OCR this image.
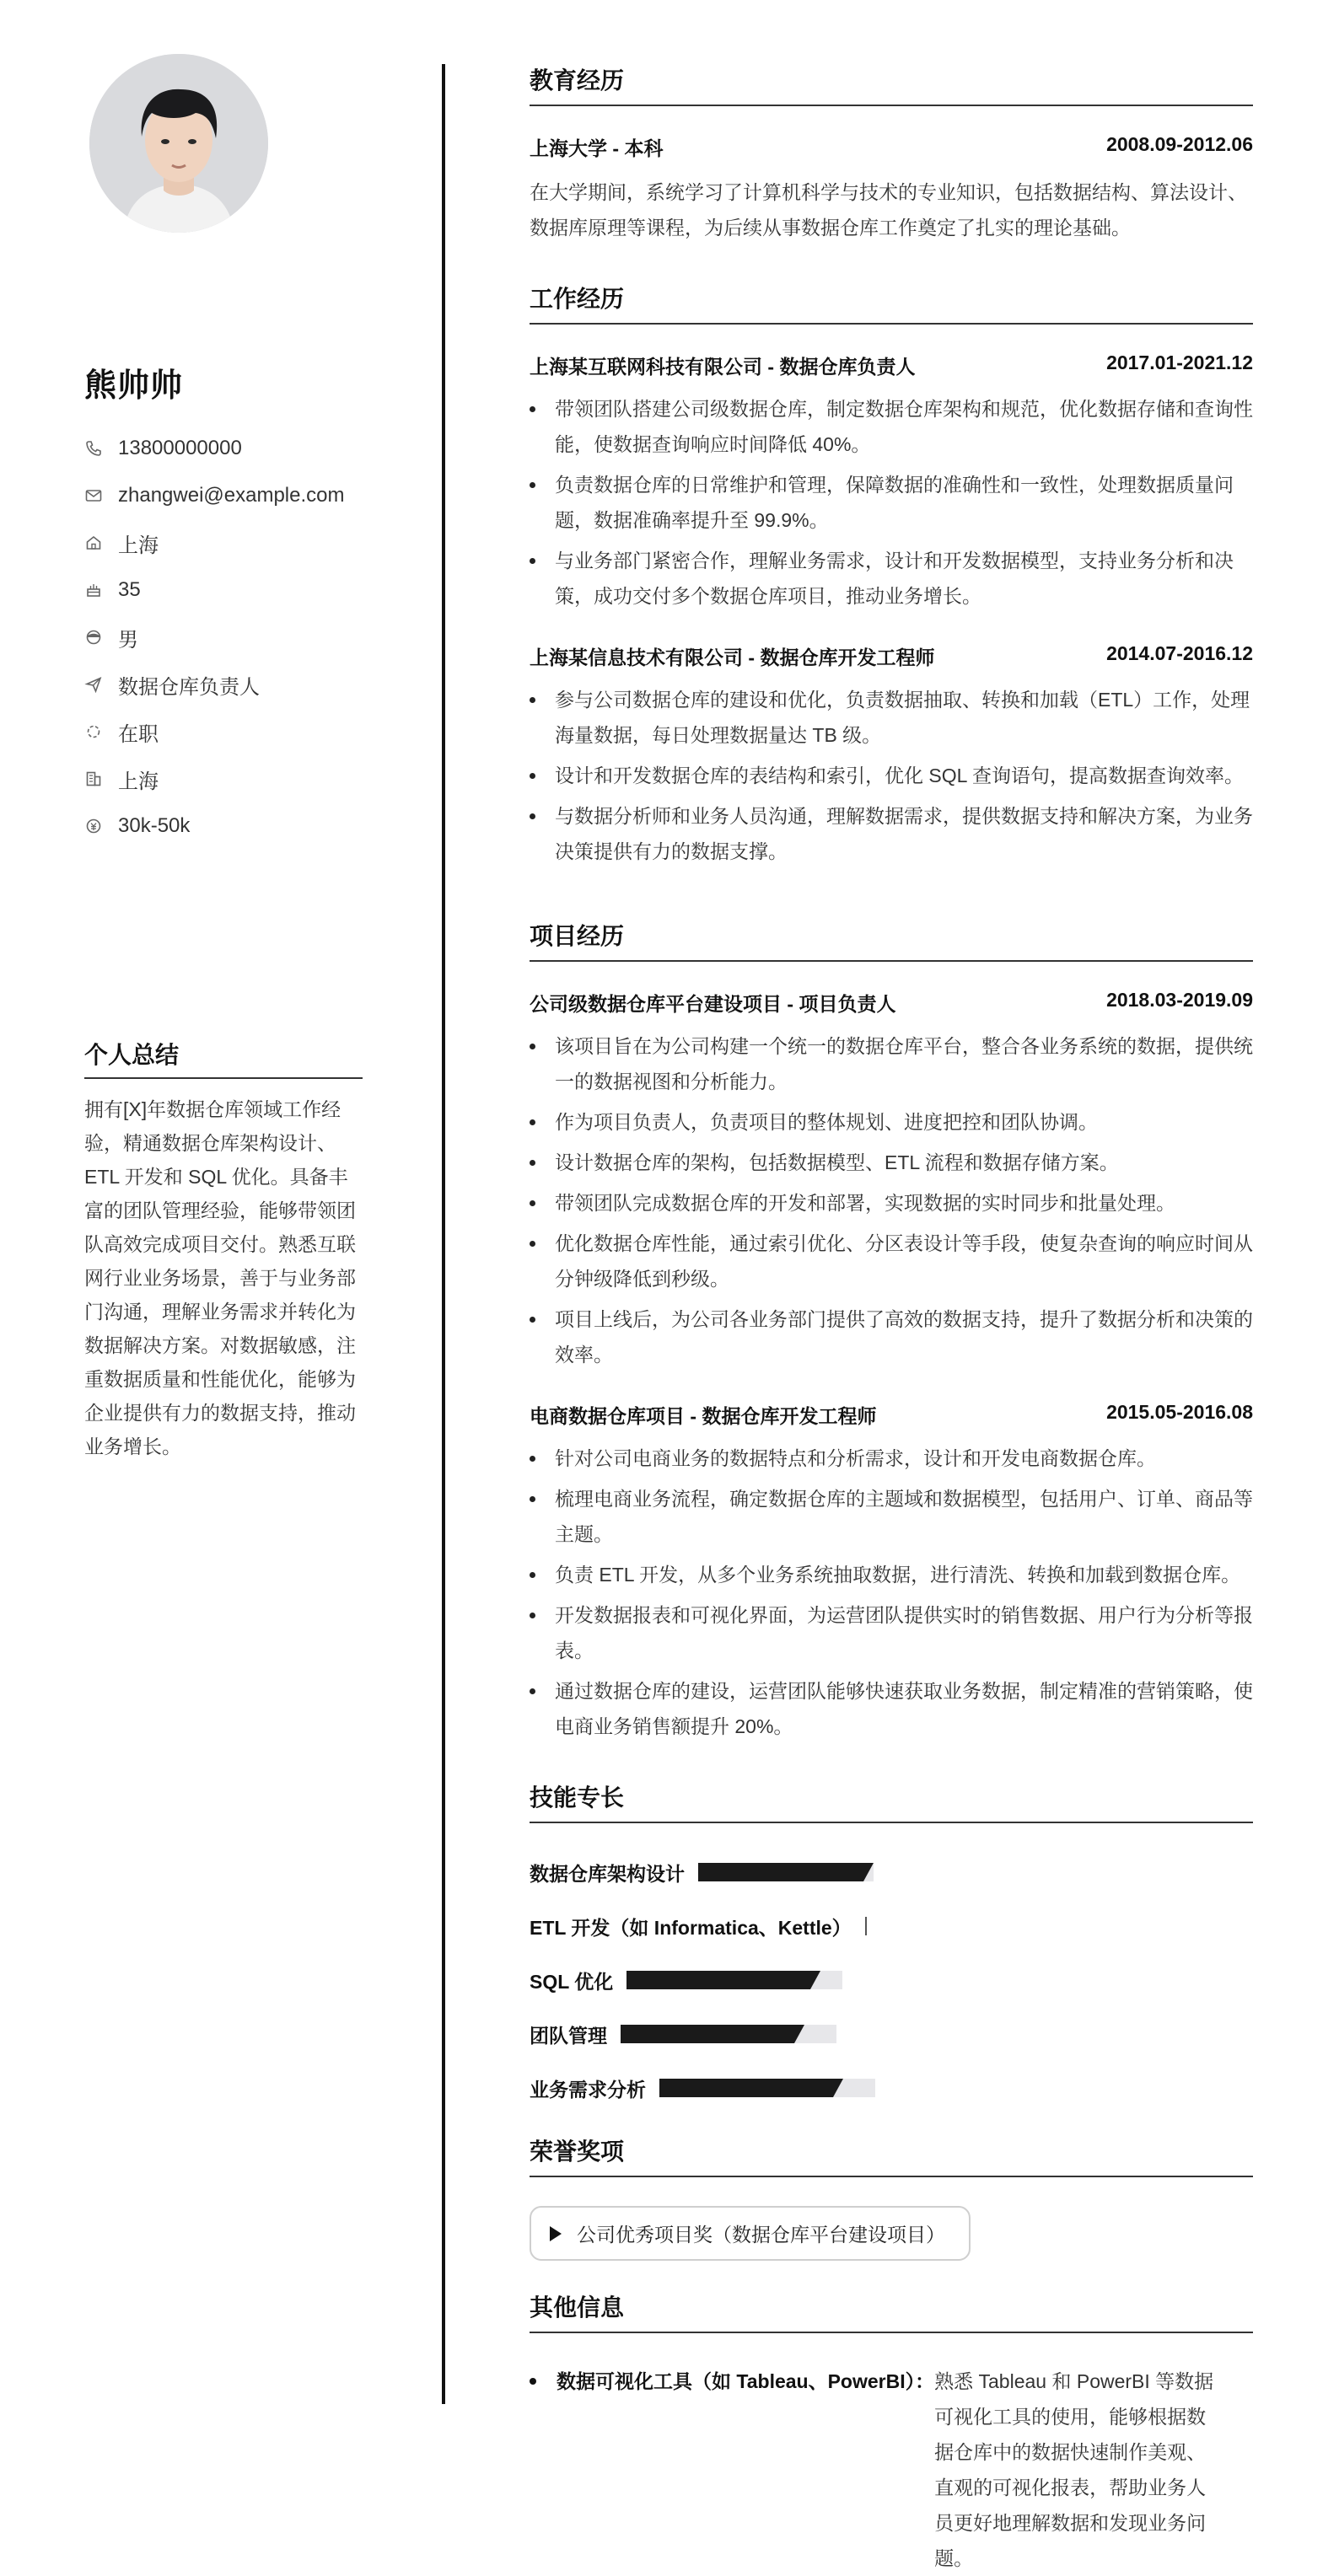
熊帅帅
13800000000
zhangwei@example.com
上海
35
男
数据仓库负责人
在职
上海
30k-50k
个人总结
拥有[X]年数据仓库领域工作经验，精通数据仓库架构设计、ETL 开发和 SQL 优化。具备丰富的团队管理经验，能够带领团队高效完成项目交付。熟悉互联网行业业务场景，善于与业务部门沟通，理解业务需求并转化为数据解决方案。对数据敏感，注重数据质量和性能优化，能够为企业提供有力的数据支持，推动业务增长。
教育经历
上海大学 - 本科	2008.09-2012.06
在大学期间，系统学习了计算机科学与技术的专业知识，包括数据结构、算法设计、数据库原理等课程，为后续从事数据仓库工作奠定了扎实的理论基础。
工作经历
上海某互联网科技有限公司 - 数据仓库负责人	2017.01-2021.12
带领团队搭建公司级数据仓库，制定数据仓库架构和规范，优化数据存储和查询性能，使数据查询响应时间降低 40%。
负责数据仓库的日常维护和管理，保障数据的准确性和一致性，处理数据质量问题，数据准确率提升至 99.9%。
与业务部门紧密合作，理解业务需求，设计和开发数据模型，支持业务分析和决策，成功交付多个数据仓库项目，推动业务增长。
上海某信息技术有限公司 - 数据仓库开发工程师	2014.07-2016.12
参与公司数据仓库的建设和优化，负责数据抽取、转换和加载（ETL）工作，处理海量数据，每日处理数据量达 TB 级。
设计和开发数据仓库的表结构和索引，优化 SQL 查询语句，提高数据查询效率。
与数据分析师和业务人员沟通，理解数据需求，提供数据支持和解决方案，为业务决策提供有力的数据支撑。
项目经历
公司级数据仓库平台建设项目 - 项目负责人	2018.03-2019.09
该项目旨在为公司构建一个统一的数据仓库平台，整合各业务系统的数据，提供统一的数据视图和分析能力。
作为项目负责人，负责项目的整体规划、进度把控和团队协调。
设计数据仓库的架构，包括数据模型、ETL 流程和数据存储方案。
带领团队完成数据仓库的开发和部署，实现数据的实时同步和批量处理。
优化数据仓库性能，通过索引优化、分区表设计等手段，使复杂查询的响应时间从分钟级降低到秒级。
项目上线后，为公司各业务部门提供了高效的数据支持，提升了数据分析和决策的效率。
电商数据仓库项目 - 数据仓库开发工程师	2015.05-2016.08
针对公司电商业务的数据特点和分析需求，设计和开发电商数据仓库。
梳理电商业务流程，确定数据仓库的主题域和数据模型，包括用户、订单、商品等主题。
负责 ETL 开发，从多个业务系统抽取数据，进行清洗、转换和加载到数据仓库。
开发数据报表和可视化界面，为运营团队提供实时的销售数据、用户行为分析等报表。
通过数据仓库的建设，运营团队能够快速获取业务数据，制定精准的营销策略，使电商业务销售额提升 20%。
技能专长
数据仓库架构设计
ETL 开发（如 Informatica、Kettle）
SQL 优化
团队管理
业务需求分析
荣誉奖项
公司优秀项目奖（数据仓库平台建设项目）
其他信息
数据可视化工具（如 Tableau、PowerBI）： 熟悉 Tableau 和 PowerBI 等数据可视化工具的使用，能够根据数据仓库中的数据快速制作美观、直观的可视化报表，帮助业务人员更好地理解数据和发现业务问题。
